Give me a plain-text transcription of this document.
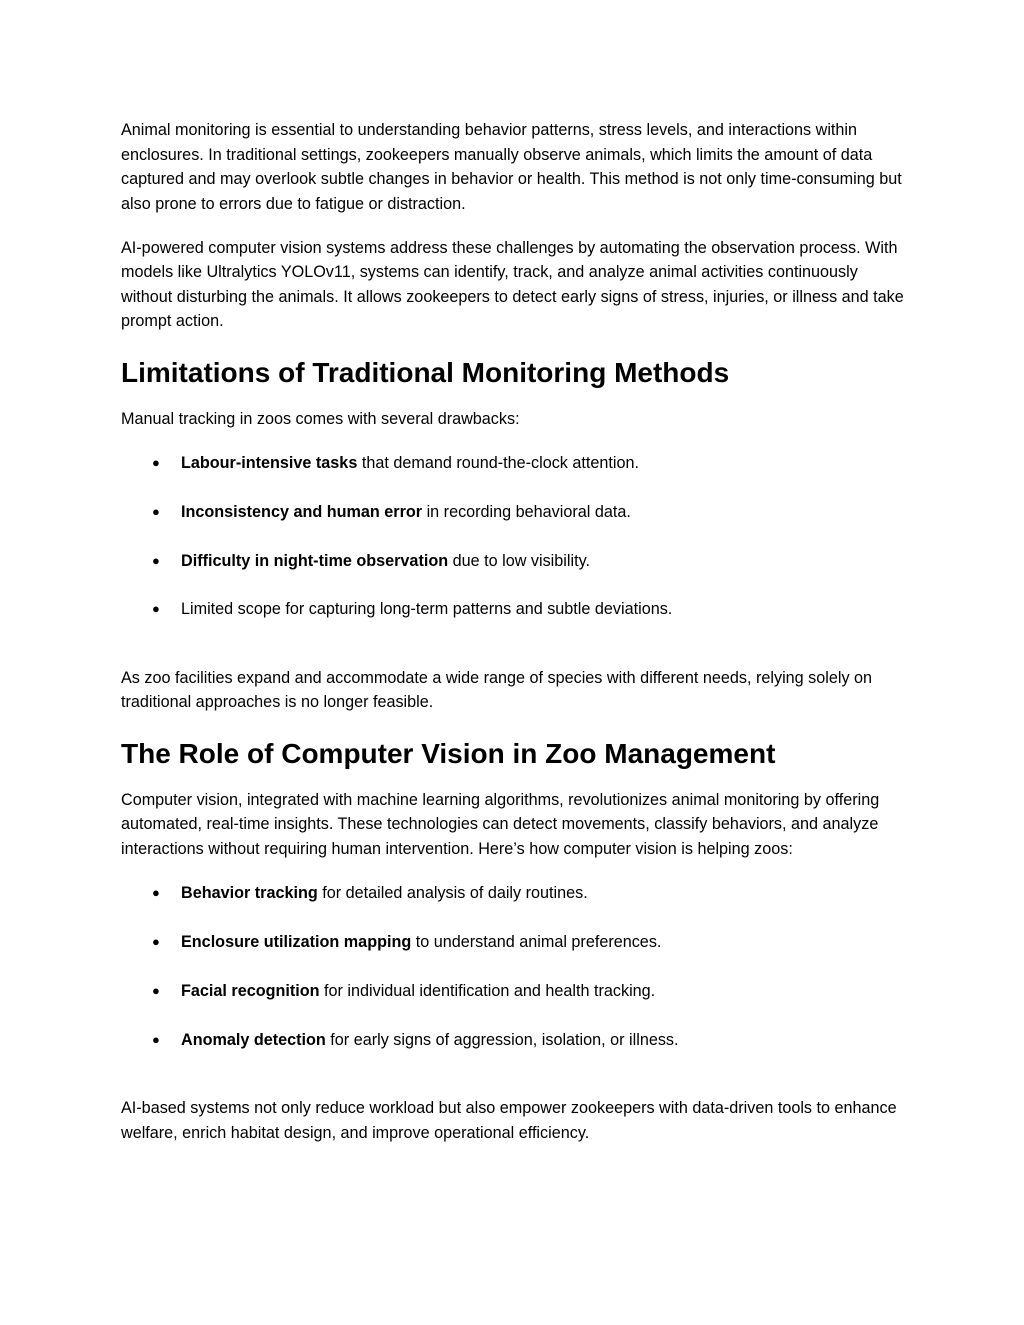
Animal monitoring is essential to understanding behavior patterns, stress levels, and interactions within enclosures. In traditional settings, zookeepers manually observe animals, which limits the amount of data captured and may overlook subtle changes in behavior or health. This method is not only time-consuming but also prone to errors due to fatigue or distraction.

AI-powered computer vision systems address these challenges by automating the observation process. With models like Ultralytics YOLOv11, systems can identify, track, and analyze animal activities continuously without disturbing the animals. It allows zookeepers to detect early signs of stress, injuries, or illness and take prompt action.

Limitations of Traditional Monitoring Methods

Manual tracking in zoos comes with several drawbacks:

● Labour-intensive tasks that demand round-the-clock attention.
● Inconsistency and human error in recording behavioral data.
● Difficulty in night-time observation due to low visibility.
● Limited scope for capturing long-term patterns and subtle deviations.

As zoo facilities expand and accommodate a wide range of species with different needs, relying solely on traditional approaches is no longer feasible.

The Role of Computer Vision in Zoo Management

Computer vision, integrated with machine learning algorithms, revolutionizes animal monitoring by offering automated, real-time insights. These technologies can detect movements, classify behaviors, and analyze interactions without requiring human intervention. Here’s how computer vision is helping zoos:

● Behavior tracking for detailed analysis of daily routines.
● Enclosure utilization mapping to understand animal preferences.
● Facial recognition for individual identification and health tracking.
● Anomaly detection for early signs of aggression, isolation, or illness.

AI-based systems not only reduce workload but also empower zookeepers with data-driven tools to enhance welfare, enrich habitat design, and improve operational efficiency.
